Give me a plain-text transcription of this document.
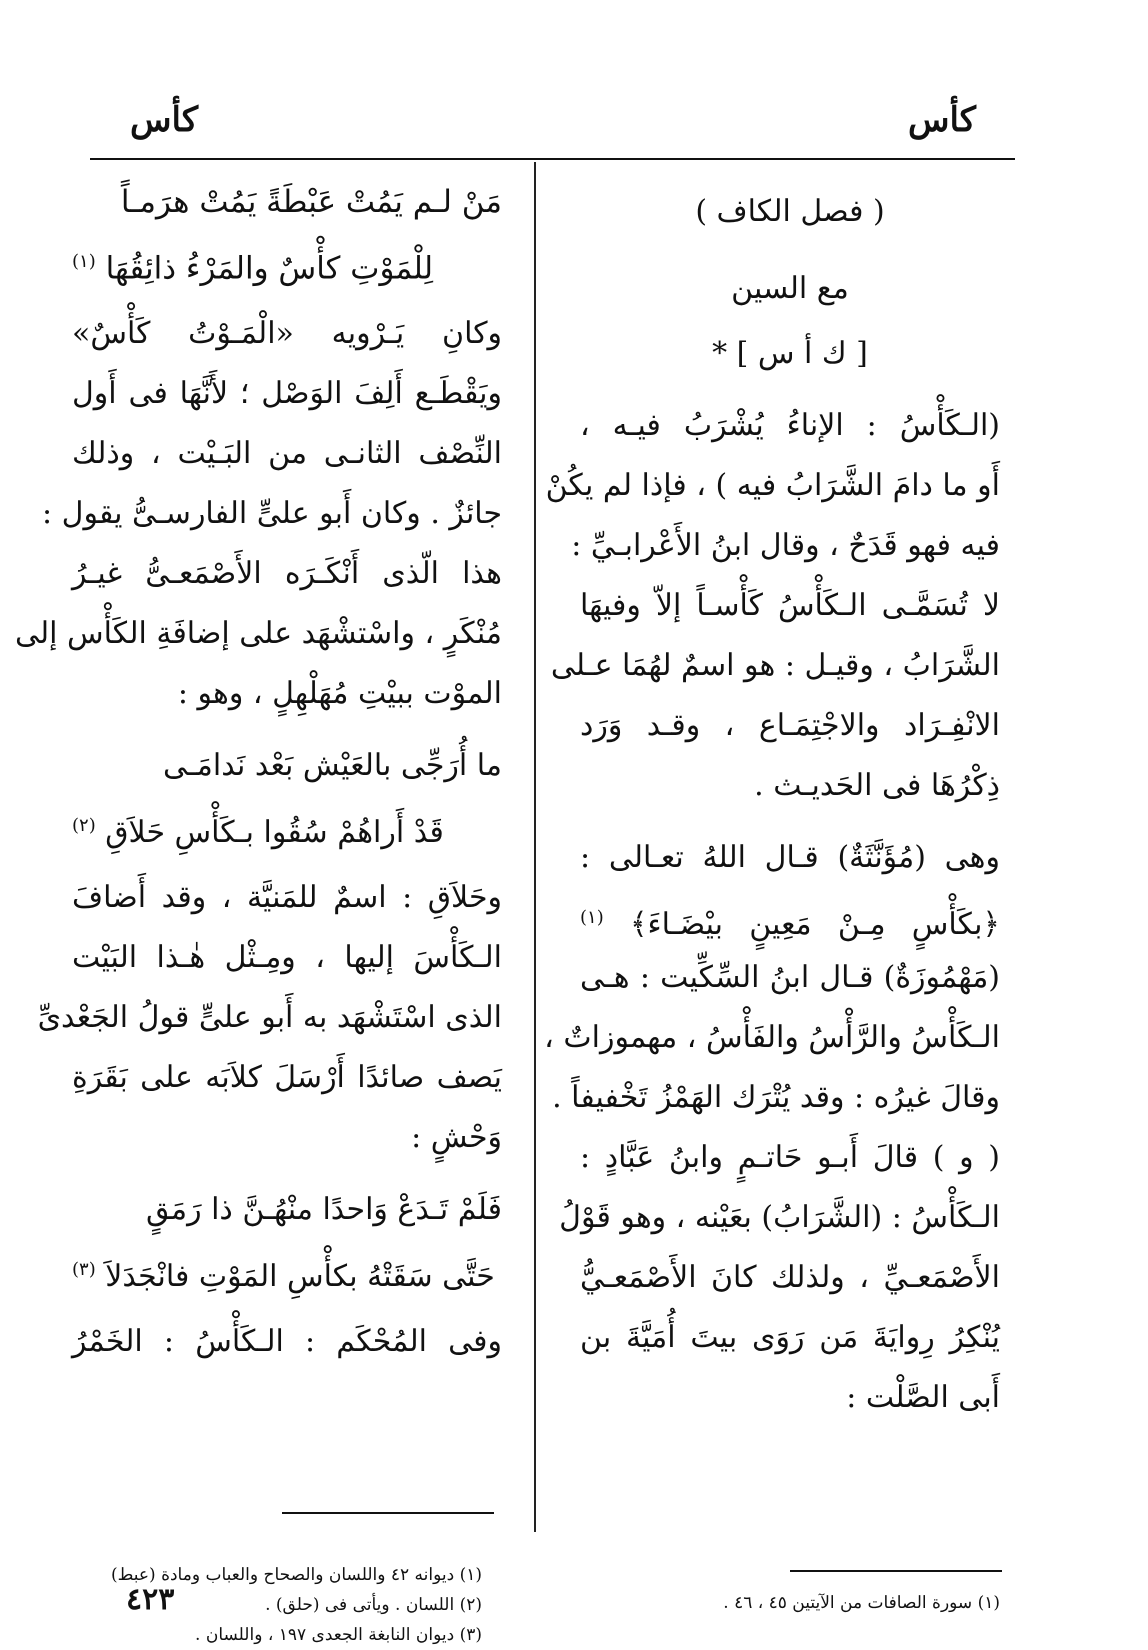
كأس
كأس
( فصل الكاف )
مع السين
[ ك أ س ] *
(الـكَأْسُ : الإناءُ يُشْرَبُ فيـه ،
أَو ما دامَ الشَّرَابُ فيه ) ، فإذا لم يكُنْ
فيه فهو قَدَحٌ ، وقال ابنُ الأَعْرابـيِّ :
لا تُسَمَّـى الـكَأْسُ كَأْسـاً إلاّ وفيهَا
الشَّرَابُ ، وقيـل : هو اسمٌ لهُمَا عـلى
الانْفِـرَاد والاجْتِمَـاع ، وقـد وَرَد
ذِكْرُهَا فى الحَديـث .
وهى (مُؤَنَّثَةٌ) قـال اللهُ تعـالى :
﴿بكَأْسٍ مِـنْ مَعِينٍ بيْضَـاءَ﴾ $^{(١)}$
(مَهْمُوزَةٌ) قـال ابنُ السِّكِّيت : هـى
الـكَأْسُ والرَّأْسُ والفَأْسُ ، مهموزاتٌ ،
وقالَ غيرُه : وقد يُتْرَك الهَمْزُ تَخْفيفاً .
( و ) قالَ أَبـو حَاتـمٍ وابنُ عَبَّادٍ :
الـكَأْسُ : (الشَّرَابُ) بعَيْنه ، وهو قَوْلُ
الأَصْمَعـيِّ ، ولذلك كانَ الأَصْمَعـيُّ
يُنْكِرُ رِوايَةَ مَن رَوَى بيتَ أُمَيَّةَ بن
أَبى الصَّلْت :
مَنْ لـم يَمُتْ عَبْطَةً يَمُتْ هرَمـاً
لِلْمَوْتِ كأْسٌ والمَرْءُ ذائِقُهَا $^{(١)}$
وكانِ يَـرْويه «الْمَـوْتُ كَأْسٌ»
ويَقْطَـع أَلِفَ الوَصْل ؛ لأَنَّهَا فى أَول
النِّصْف الثانـى من البَـيْت ، وذلك
جائزٌ . وكان أَبو علىٍّ الفارسـىُّ يقول :
هذا الّذى أَنْكَـرَه الأَصْمَعـىُّ غيـرُ
مُنْكَرٍ ، واسْتشْهَد على إضافَةِ الكَأْس إلى
الموْت ببيْتِ مُهَلْهِلٍ ، وهو :
ما أُرَجِّى بالعَيْش بَعْد نَدامَـى
قَدْ أَراهُمْ سُقُوا بـكَأْسِ حَلاَقِ $^{(٢)}$
وحَلاَقِ : اسمٌ للمَنيَّة ، وقد أَضافَ
الـكَأْسَ إليها ، ومِـثْل هٰـذا البَيْت
الذى اسْتَشْهَد به أَبو علىٍّ قولُ الجَعْدىِّ
يَصف صائدًا أَرْسَلَ كلاَبَه على بَقَرَةِ
وَحْشٍ :
فَلَمْ تَـدَعْ وَاحدًا منْهُـنَّ ذا رَمَقٍ
حَتَّى سَقَتْهُ بكأْسِ المَوْتِ فانْجَدَلاَ $^{(٣)}$
وفى المُحْكَم : الـكَأْسُ : الخَمْرُ
(١) ديوانه ٤٢ واللسان والصحاح والعباب ومادة (عبط)
(٢) اللسان . ويأتى فى (حلق) .
(٣) ديوان النابغة الجعدى ١٩٧ ، واللسان .
(١) سورة الصافات من الآيتين ٤٥ ، ٤٦ .
٤٢٣
